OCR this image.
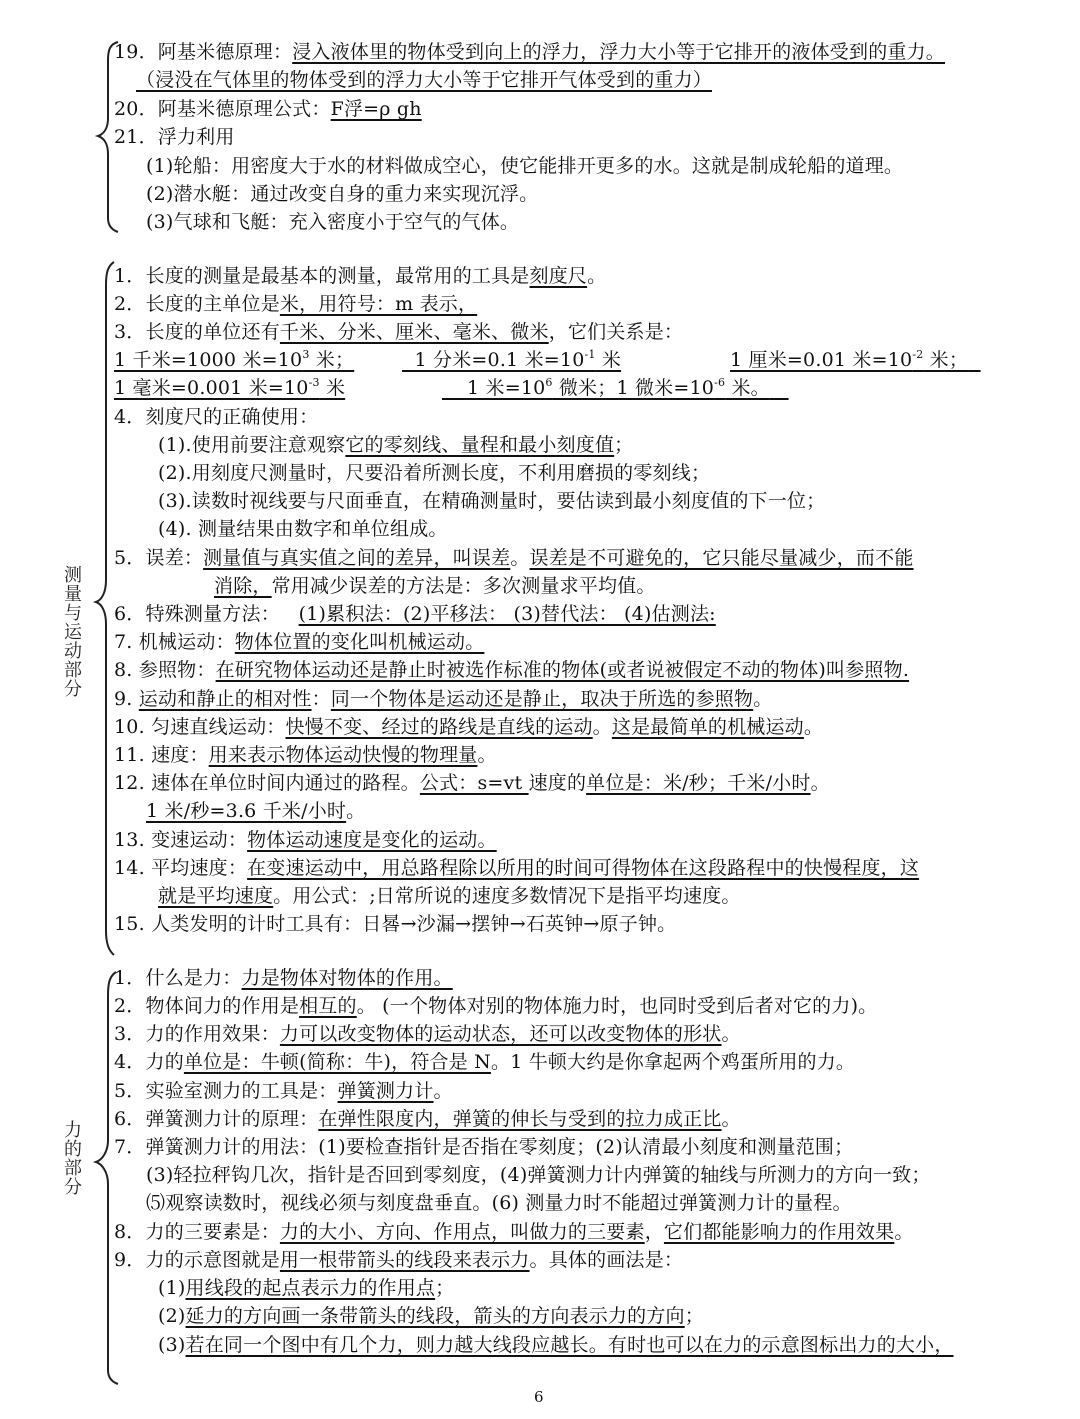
测量与运动部分
力的部分
19．阿基米德原理：浸入液体里的物体受到向上的浮力，浮力大小等于它排开的液体受到的重力。
（浸没在气体里的物体受到的浮力大小等于它排开气体受到的重力）
20．阿基米德原理公式：F浮=ρ gh
21．浮力利用
(1)轮船：用密度大于水的材料做成空心，使它能排开更多的水。这就是制成轮船的道理。
(2)潜水艇：通过改变自身的重力来实现沉浮。
(3)气球和飞艇：充入密度小于空气的气体。
1．长度的测量是最基本的测量，最常用的工具是刻度尺。
2．长度的主单位是米，用符号：m 表示，
3．长度的单位还有千米、分米、厘米、毫米、微米，它们关系是：
1 千米=1000 米$=10^3$ 米；	1 分米=0.1 米$=10^{-1}$ 米	1 厘米=0.01 米$=10^{-2}$ 米；
1 毫米=0.001 米$=10^{-3}$ 米	1 米$=10^6$ 微米；1 微米$=10^{-6}$ 米。
4．刻度尺的正确使用：
(1).使用前要注意观察它的零刻线、量程和最小刻度值；
(2).用刻度尺测量时，尺要沿着所测长度，不利用磨损的零刻线；
(3).读数时视线要与尺面垂直，在精确测量时，要估读到最小刻度值的下一位；
(4). 测量结果由数字和单位组成。
5．误差：测量值与真实值之间的差异，叫误差。误差是不可避免的，它只能尽量减少，而不能
消除，常用减少误差的方法是：多次测量求平均值。
6．特殊测量方法： (1)累积法：(2)平移法： (3)替代法： (4)估测法:
7. 机械运动：物体位置的变化叫机械运动。
8. 参照物：在研究物体运动还是静止时被选作标准的物体(或者说被假定不动的物体)叫参照物.
9. 运动和静止的相对性：同一个物体是运动还是静止，取决于所选的参照物。
10. 匀速直线运动：快慢不变、经过的路线是直线的运动。这是最简单的机械运动。
11. 速度：用来表示物体运动快慢的物理量。
12. 速体在单位时间内通过的路程。公式：s=vt 速度的单位是：米/秒；千米/小时。
1 米/秒=3.6 千米/小时。
13. 变速运动：物体运动速度是变化的运动。
14. 平均速度：在变速运动中，用总路程除以所用的时间可得物体在这段路程中的快慢程度，这
就是平均速度。用公式：;日常所说的速度多数情况下是指平均速度。
15. 人类发明的计时工具有：日晷→沙漏→摆钟→石英钟→原子钟。
1．什么是力：力是物体对物体的作用。
2．物体间力的作用是相互的。 (一个物体对别的物体施力时，也同时受到后者对它的力)。
3．力的作用效果：力可以改变物体的运动状态，还可以改变物体的形状。
4．力的单位是：牛顿(简称：牛)，符合是 N。1 牛顿大约是你拿起两个鸡蛋所用的力。
5．实验室测力的工具是：弹簧测力计。
6．弹簧测力计的原理：在弹性限度内，弹簧的伸长与受到的拉力成正比。
7．弹簧测力计的用法：(1)要检查指针是否指在零刻度；(2)认清最小刻度和测量范围；
(3)轻拉秤钩几次，指针是否回到零刻度，(4)弹簧测力计内弹簧的轴线与所测力的方向一致；
⑸观察读数时，视线必须与刻度盘垂直。(6) 测量力时不能超过弹簧测力计的量程。
8．力的三要素是：力的大小、方向、作用点，叫做力的三要素，它们都能影响力的作用效果。
9．力的示意图就是用一根带箭头的线段来表示力。具体的画法是：
(1)用线段的起点表示力的作用点；
(2)延力的方向画一条带箭头的线段，箭头的方向表示力的方向；
(3)若在同一个图中有几个力，则力越大线段应越长。有时也可以在力的示意图标出力的大小，
6
